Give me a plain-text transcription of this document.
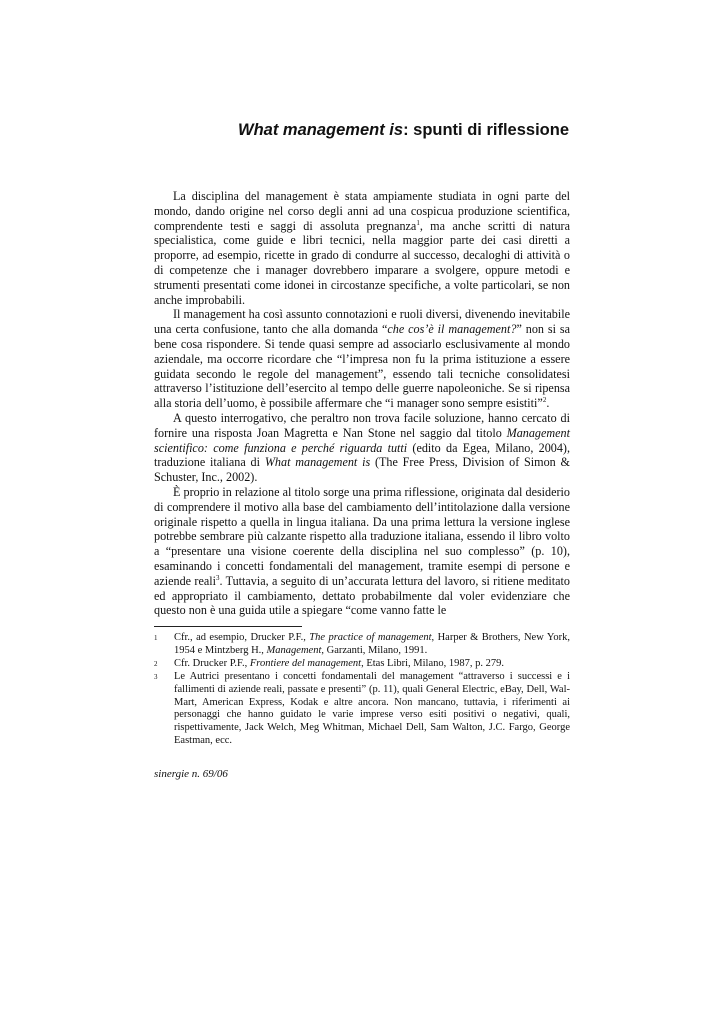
What management is: spunti di riflessione

La disciplina del management è stata ampiamente studiata in ogni parte del mondo, dando origine nel corso degli anni ad una cospicua produzione scientifica, comprendente testi e saggi di assoluta pregnanza$^1$, ma anche scritti di natura specialistica, come guide e libri tecnici, nella maggior parte dei casi diretti a proporre, ad esempio, ricette in grado di condurre al successo, decaloghi di attività o di competenze che i manager dovrebbero imparare a svolgere, oppure metodi e strumenti presentati come idonei in circostanze specifiche, a volte particolari, se non anche improbabili.

Il management ha così assunto connotazioni e ruoli diversi, divenendo inevitabile una certa confusione, tanto che alla domanda “che cos’è il management?” non si sa bene cosa rispondere. Si tende quasi sempre ad associarlo esclusivamente al mondo aziendale, ma occorre ricordare che “l’impresa non fu la prima istituzione a essere guidata secondo le regole del management”, essendo tali tecniche consolidatesi attraverso l’istituzione dell’esercito al tempo delle guerre napoleoniche. Se si ripensa alla storia dell’uomo, è possibile affermare che “i manager sono sempre esistiti”$^2$.

A questo interrogativo, che peraltro non trova facile soluzione, hanno cercato di fornire una risposta Joan Magretta e Nan Stone nel saggio dal titolo Management scientifico: come funziona e perché riguarda tutti (edito da Egea, Milano, 2004), traduzione italiana di What management is (The Free Press, Division of Simon & Schuster, Inc., 2002).

È proprio in relazione al titolo sorge una prima riflessione, originata dal desiderio di comprendere il motivo alla base del cambiamento dell’intitolazione dalla versione originale rispetto a quella in lingua italiana. Da una prima lettura la versione inglese potrebbe sembrare più calzante rispetto alla traduzione italiana, essendo il libro volto a “presentare una visione coerente della disciplina nel suo complesso” (p. 10), esaminando i concetti fondamentali del management, tramite esempi di persone e aziende reali$^3$. Tuttavia, a seguito di un’accurata lettura del lavoro, si ritiene meditato ed appropriato il cambiamento, dettato probabilmente dal voler evidenziare che questo non è una guida utile a spiegare “come vanno fatte le

1	Cfr., ad esempio, Drucker P.F., The practice of management, Harper & Brothers, New York, 1954 e Mintzberg H., Management, Garzanti, Milano, 1991.
2	Cfr. Drucker P.F., Frontiere del management, Etas Libri, Milano, 1987, p. 279.
3	Le Autrici presentano i concetti fondamentali del management “attraverso i successi e i fallimenti di aziende reali, passate e presenti” (p. 11), quali General Electric, eBay, Dell, Wal-Mart, American Express, Kodak e altre ancora. Non mancano, tuttavia, i riferimenti ai personaggi che hanno guidato le varie imprese verso esiti positivi o negativi, quali, rispettivamente, Jack Welch, Meg Whitman, Michael Dell, Sam Walton, J.C. Fargo, George Eastman, ecc.
sinergie n. 69/06
